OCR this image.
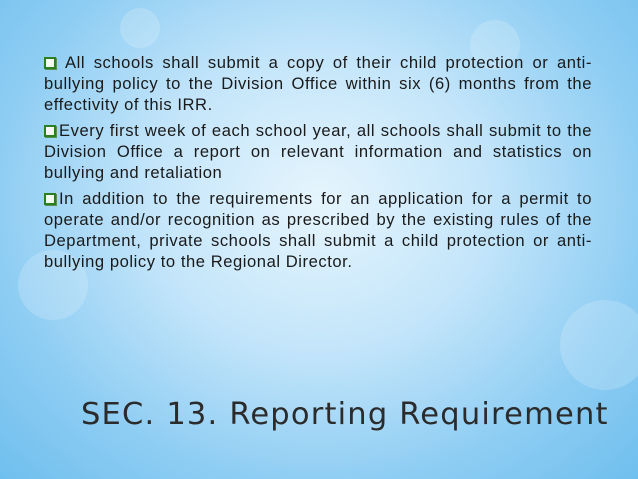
All schools shall submit a copy of their child protection or anti-bullying policy to the Division Office within six (6) months from the effectivity of this IRR.

Every first week of each school year, all schools shall submit to the Division Office a report on relevant information and statistics on bullying and retaliation

In addition to the requirements for an application for a permit to operate and/or recognition as prescribed by the existing rules of the Department, private schools shall submit a child protection or anti-bullying policy to the Regional Director.

SEC. 13. Reporting Requirement
